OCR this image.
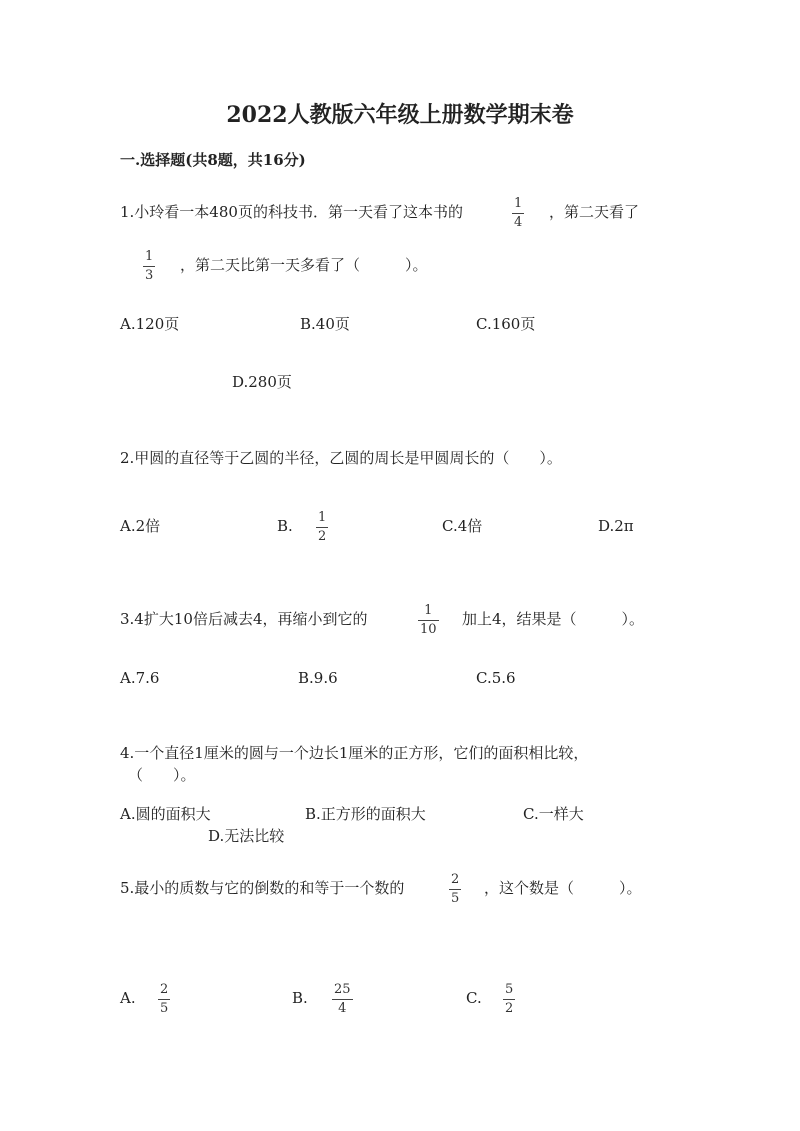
2022人教版六年级上册数学期末卷
一.选择题(共8题，共16分)
1.小玲看一本480页的科技书．第一天看了这本书的	1
4
，第二天看了
1
3
，第二天比第一天多看了（　　　）。
A.120页	B.40页	C.160页
D.280页
2.甲圆的直径等于乙圆的半径，乙圆的周长是甲圆周长的（　　）。
A.2倍	B. 1
2
C.4倍	D.2π
3.4扩大10倍后减去4，再缩小到它的	1
10
加上4，结果是（　　　）。
A.7.6	B.9.6	C.5.6
4.一个直径1厘米的圆与一个边长1厘米的正方形，它们的面积相比较，
（　　）。
A.圆的面积大	B.正方形的面积大	C.一样大
D.无法比较
5.最小的质数与它的倒数的和等于一个数的	2
5
，这个数是（　　　）。
A. 2
5
B. 25
4
C. 5
2
